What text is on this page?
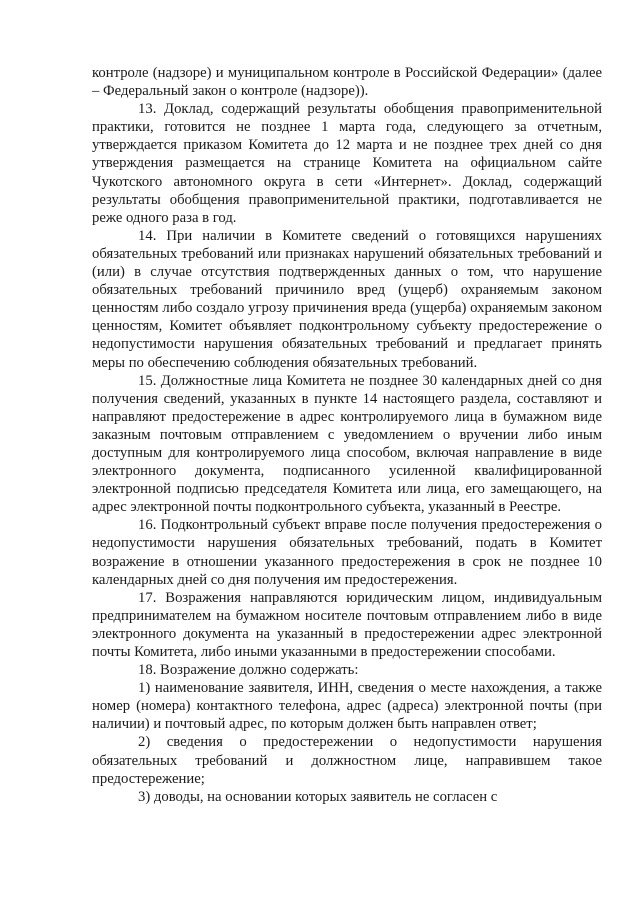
контроле (надзоре) и муниципальном контроле в Российской Федерации» (далее – Федеральный закон о контроле (надзоре)).

13. Доклад, содержащий результаты обобщения правоприменительной практики, готовится не позднее 1 марта года, следующего за отчетным, утверждается приказом Комитета до 12 марта и не позднее трех дней со дня утверждения размещается на странице Комитета на официальном сайте Чукотского автономного округа в сети «Интернет». Доклад, содержащий результаты обобщения правоприменительной практики, подготавливается не реже одного раза в год.

14. При наличии в Комитете сведений о готовящихся нарушениях обязательных требований или признаках нарушений обязательных требований и (или) в случае отсутствия подтвержденных данных о том, что нарушение обязательных требований причинило вред (ущерб) охраняемым законом ценностям либо создало угрозу причинения вреда (ущерба) охраняемым законом ценностям, Комитет объявляет подконтрольному субъекту предостережение о недопустимости нарушения обязательных требований и предлагает принять меры по обеспечению соблюдения обязательных требований.

15. Должностные лица Комитета не позднее 30 календарных дней со дня получения сведений, указанных в пункте 14 настоящего раздела, составляют и направляют предостережение в адрес контролируемого лица в бумажном виде заказным почтовым отправлением с уведомлением о вручении либо иным доступным для контролируемого лица способом, включая направление в виде электронного документа, подписанного усиленной квалифицированной электронной подписью председателя Комитета или лица, его замещающего, на адрес электронной почты подконтрольного субъекта, указанный в Реестре.

16. Подконтрольный субъект вправе после получения предостережения о недопустимости нарушения обязательных требований, подать в Комитет возражение в отношении указанного предостережения в срок не позднее 10 календарных дней со дня получения им предостережения.

17. Возражения направляются юридическим лицом, индивидуальным предпринимателем на бумажном носителе почтовым отправлением либо в виде электронного документа на указанный в предостережении адрес электронной почты Комитета, либо иными указанными в предостережении способами.

18. Возражение должно содержать:

1) наименование заявителя, ИНН, сведения о месте нахождения, а также номер (номера) контактного телефона, адрес (адреса) электронной почты (при наличии) и почтовый адрес, по которым должен быть направлен ответ;

2) сведения о предостережении о недопустимости нарушения обязательных требований и должностном лице, направившем такое предостережение;

3) доводы, на основании которых заявитель не согласен с
